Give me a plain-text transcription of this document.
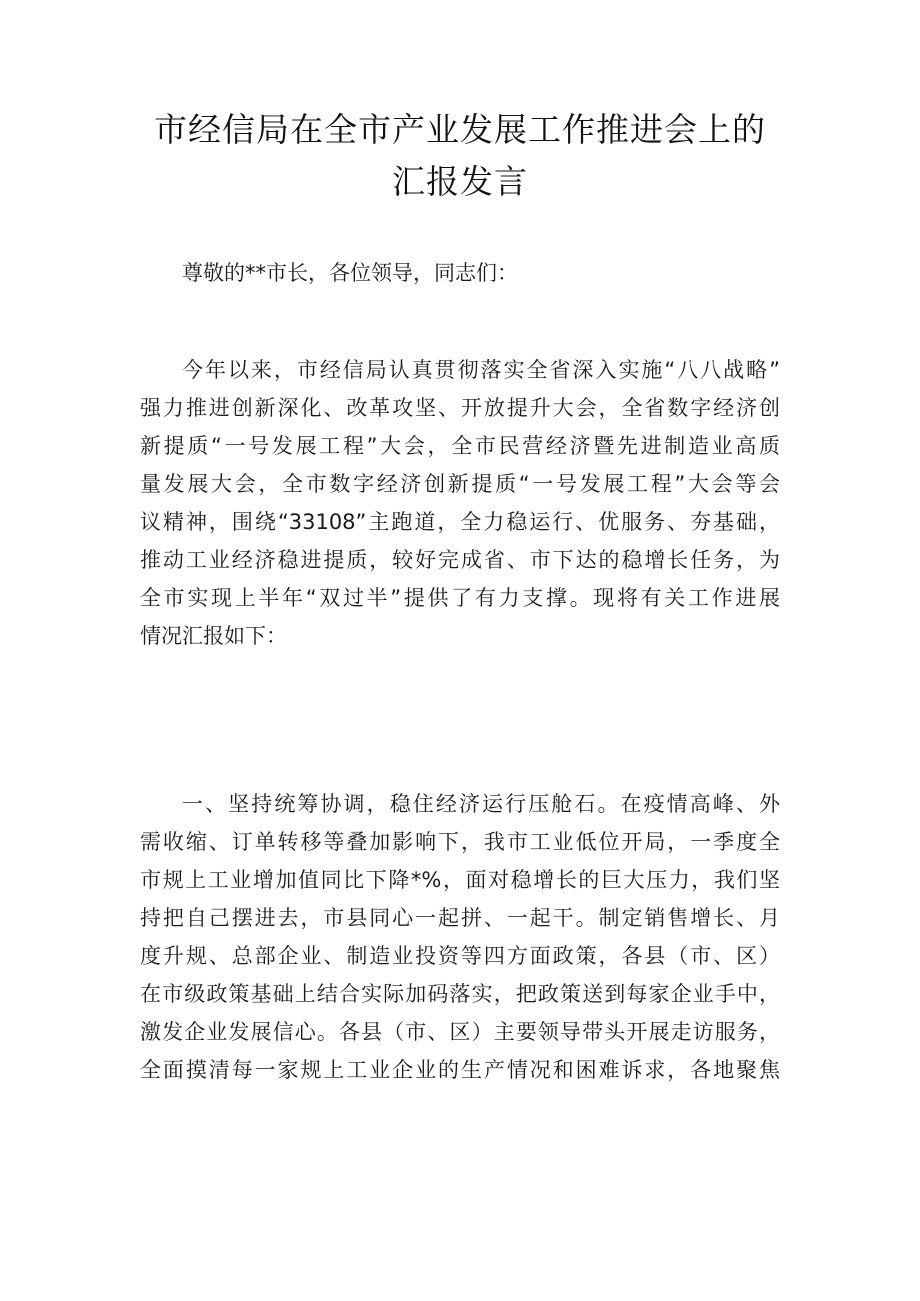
市经信局在全市产业发展工作推进会上的
汇报发言
尊敬的**市长，各位领导，同志们：
今年以来，市经信局认真贯彻落实全省深入实施“八八战略”
强力推进创新深化、改革攻坚、开放提升大会，全省数字经济创
新提质“一号发展工程”大会，全市民营经济暨先进制造业高质
量发展大会，全市数字经济创新提质“一号发展工程”大会等会
议精神，围绕“33108”主跑道，全力稳运行、优服务、夯基础，
推动工业经济稳进提质，较好完成省、市下达的稳增长任务，为
全市实现上半年“双过半”提供了有力支撑。现将有关工作进展
情况汇报如下：
一、坚持统筹协调，稳住经济运行压舱石。在疫情高峰、外
需收缩、订单转移等叠加影响下，我市工业低位开局，一季度全
市规上工业增加值同比下降*%，面对稳增长的巨大压力，我们坚
持把自己摆进去，市县同心一起拼、一起干。制定销售增长、月
度升规、总部企业、制造业投资等四方面政策，各县（市、区）
在市级政策基础上结合实际加码落实，把政策送到每家企业手中，
激发企业发展信心。各县（市、区）主要领导带头开展走访服务，
全面摸清每一家规上工业企业的生产情况和困难诉求，各地聚焦
